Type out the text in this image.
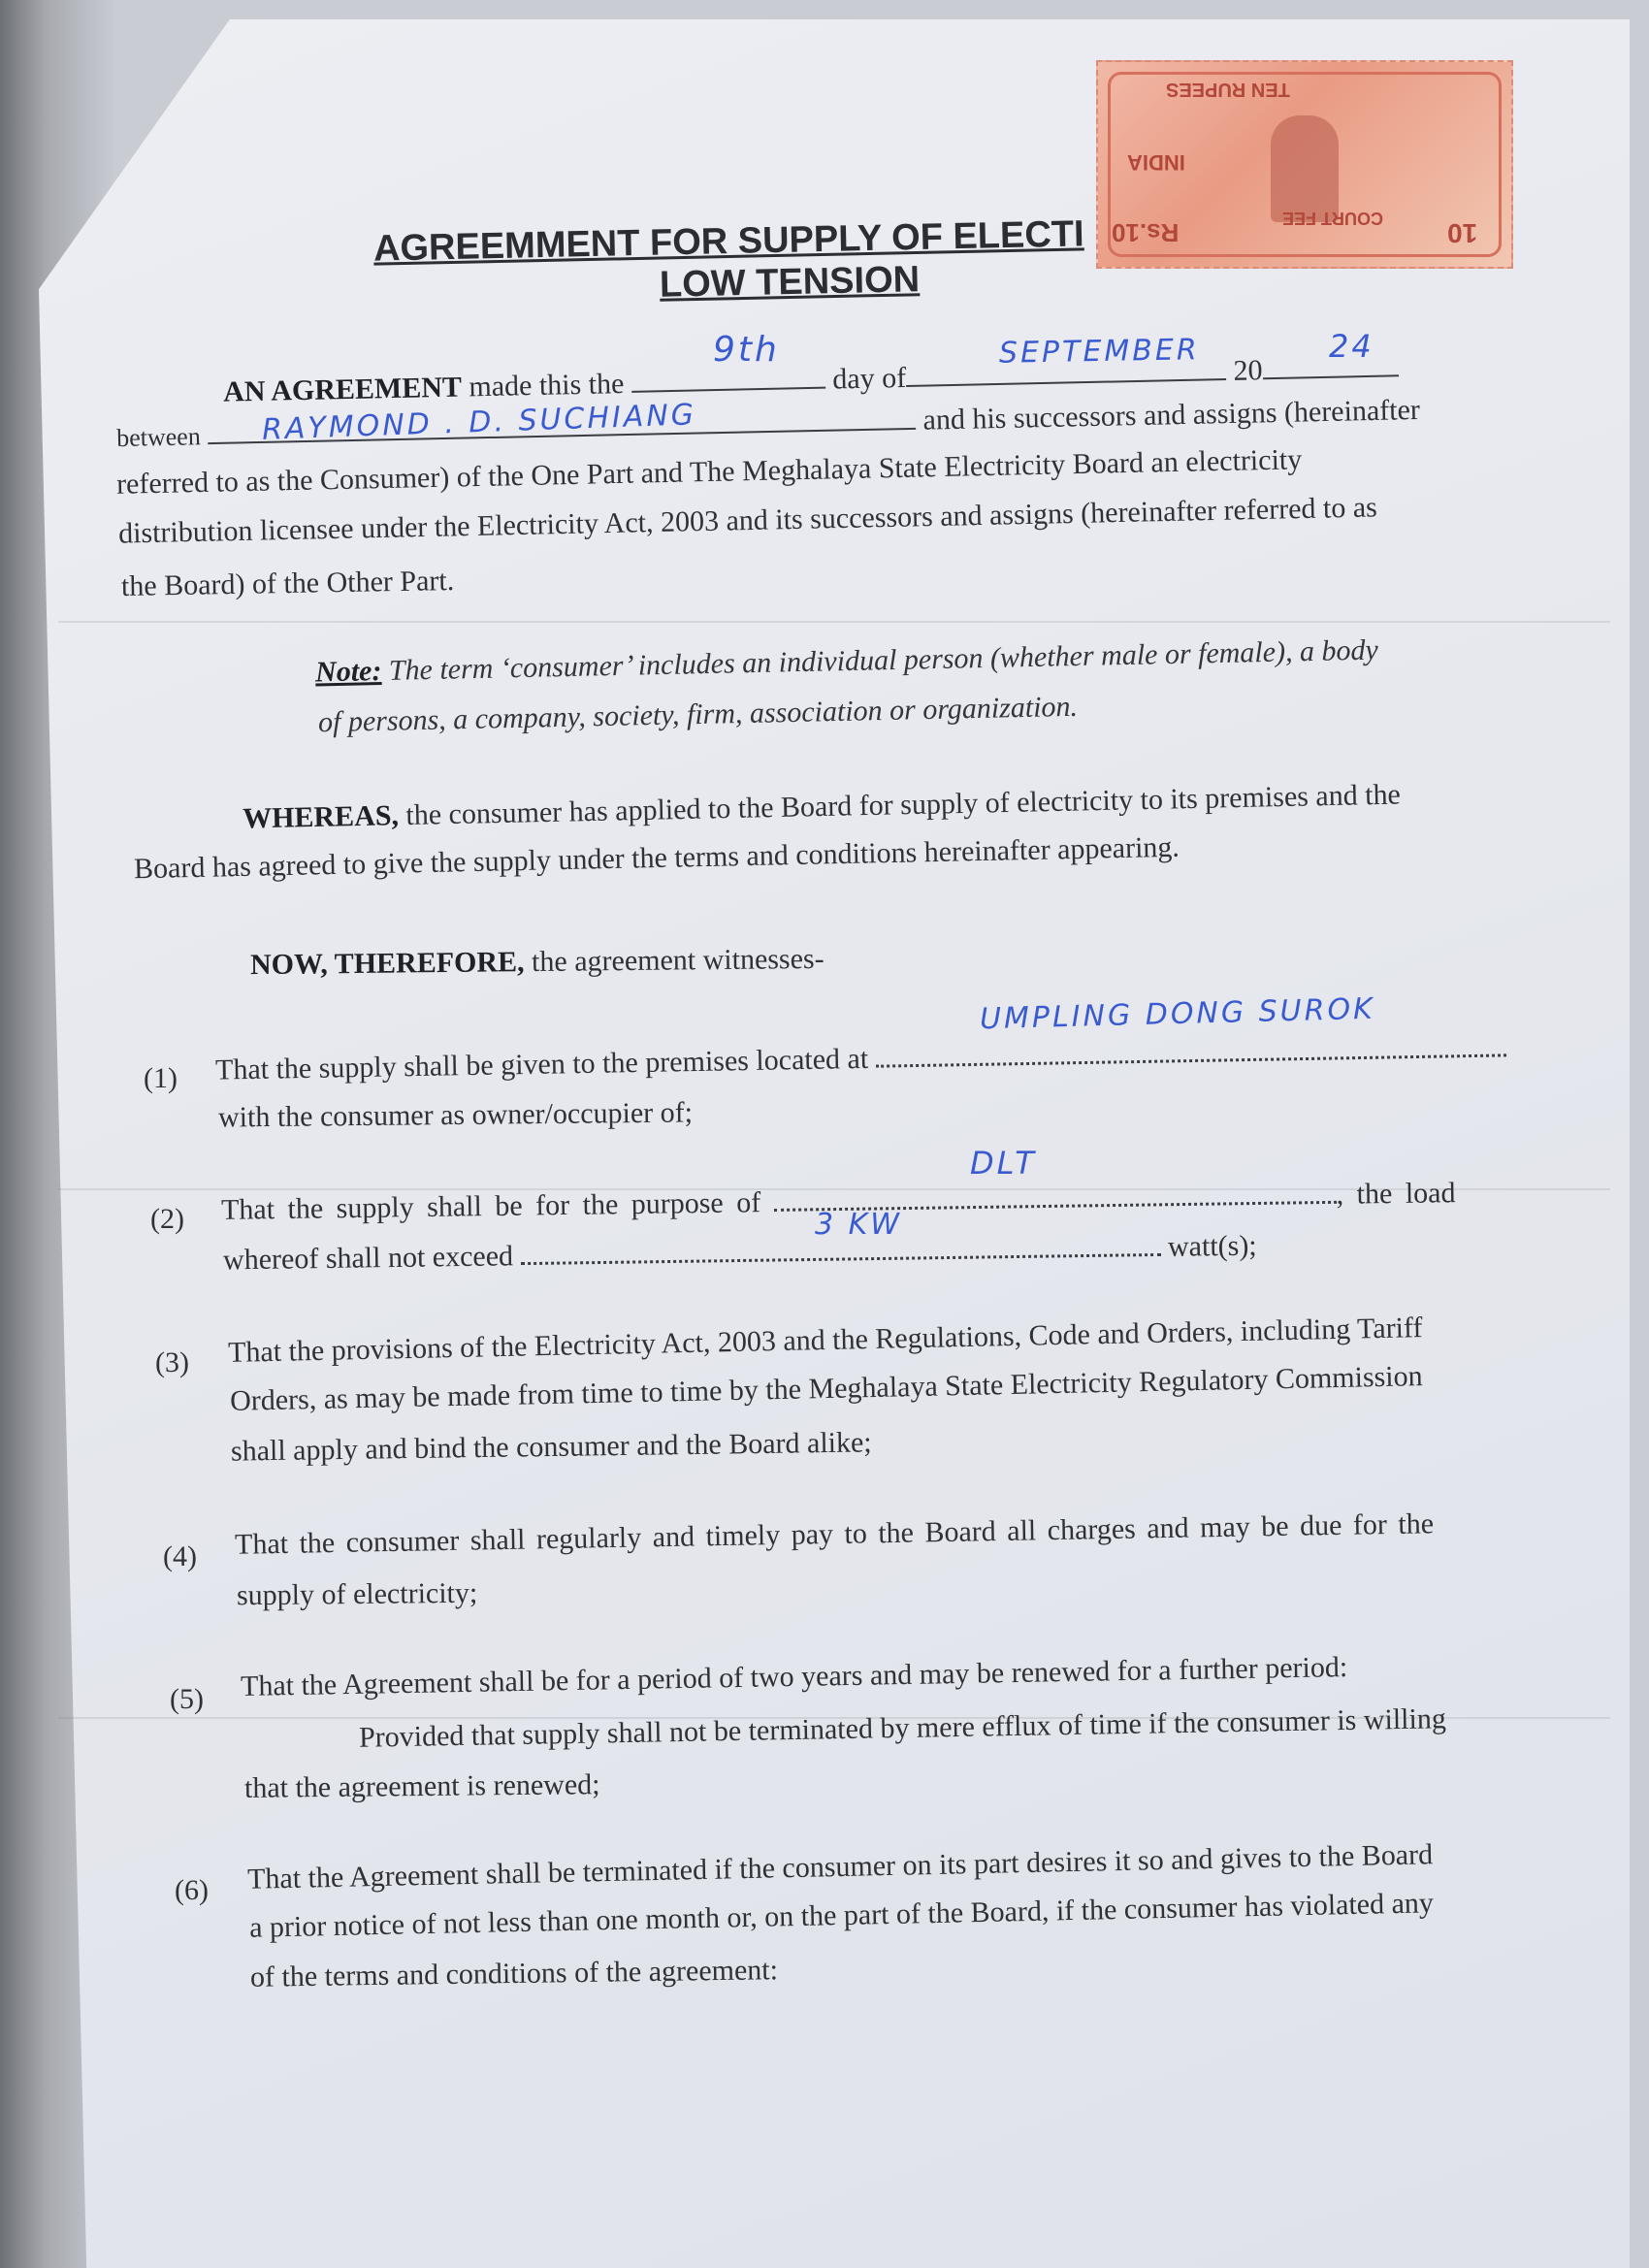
TEN RUPEES
INDIA
COURT FEE
Rs.10	10
AGREEMMENT FOR SUPPLY OF ELECTI
LOW TENSION
AN AGREEMENT made this the	day of	20
9th	SEPTEMBER	24
between  and his successors and assigns (hereinafter
RAYMOND . D. SUCHIANG
referred to as the Consumer) of the One Part and The Meghalaya State Electricity Board an electricity
distribution licensee under the Electricity Act, 2003 and its successors and assigns (hereinafter referred to as
the Board) of the Other Part.
Note: The term ‘consumer’ includes an individual person (whether male or female), a body
of persons, a company, society, firm, association or organization.
WHEREAS, the consumer has applied to the Board for supply of electricity to its premises and the
Board has agreed to give the supply under the terms and conditions hereinafter appearing.
NOW, THEREFORE, the agreement witnesses-
(1) That the supply shall be given to the premises located at
UMPLING DONG SUROK
with the consumer as owner/occupier of;
(2) That the supply shall be for the purpose of	, the load
DLT
whereof shall not exceed	watt(s);
3 KW
(3) That the provisions of the Electricity Act, 2003 and the Regulations, Code and Orders, including Tariff
Orders, as may be made from time to time by the Meghalaya State Electricity Regulatory Commission
shall apply and bind the consumer and the Board alike;
(4) That the consumer shall regularly and timely pay to the Board all charges and may be due for the
supply of electricity;
(5) That the Agreement shall be for a period of two years and may be renewed for a further period:
Provided that supply shall not be terminated by mere efflux of time if the consumer is willing
that the agreement is renewed;
(6) That the Agreement shall be terminated if the consumer on its part desires it so and gives to the Board
a prior notice of not less than one month or, on the part of the Board, if the consumer has violated any
of the terms and conditions of the agreement:
